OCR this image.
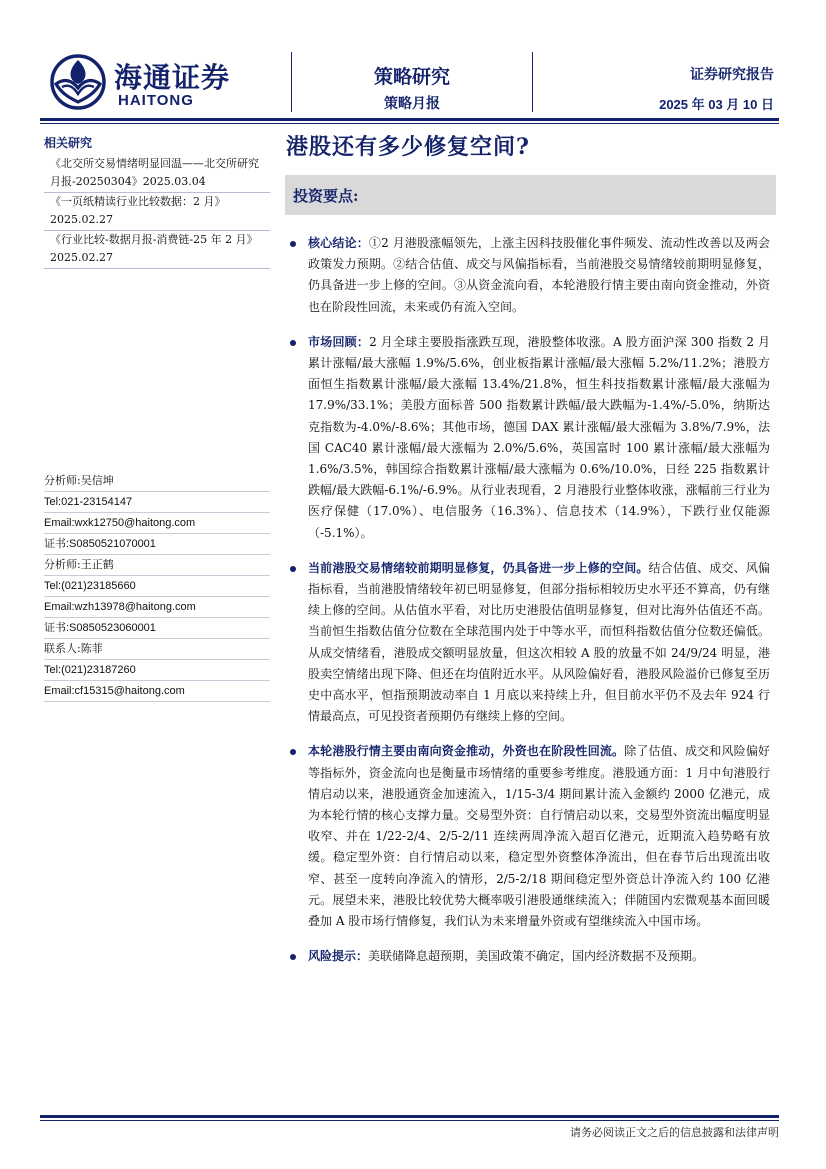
海通证券
HAITONG
策略研究
策略月报
证券研究报告
2025 年 03 月 10 日
相关研究
《北交所交易情绪明显回温——北交所研究月报-20250304》2025.03.04
《一页纸精读行业比较数据：2 月》2025.02.27
《行业比较-数据月报-消费链-25 年 2 月》2025.02.27
分析师:吴信坤
Tel:021-23154147
Email:wxk12750@haitong.com
证书:S0850521070001
分析师:王正鹤
Tel:(021)23185660
Email:wzh13978@haitong.com
证书:S0850523060001
联系人:陈菲
Tel:(021)23187260
Email:cf15315@haitong.com
港股还有多少修复空间?
投资要点:
核心结论：①2 月港股涨幅领先，上涨主因科技股催化事件频发、流动性改善以及两会政策发力预期。②结合估值、成交与风偏指标看，当前港股交易情绪较前期明显修复，仍具备进一步上修的空间。③从资金流向看，本轮港股行情主要由南向资金推动，外资也在阶段性回流，未来或仍有流入空间。
市场回顾：2 月全球主要股指涨跌互现，港股整体收涨。A 股方面沪深 300 指数 2 月累计涨幅/最大涨幅 1.9%/5.6%，创业板指累计涨幅/最大涨幅 5.2%/11.2%；港股方面恒生指数累计涨幅/最大涨幅 13.4%/21.8%，恒生科技指数累计涨幅/最大涨幅为 17.9%/33.1%；美股方面标普 500 指数累计跌幅/最大跌幅为-1.4%/-5.0%，纳斯达克指数为-4.0%/-8.6%；其他市场，德国 DAX 累计涨幅/最大涨幅为 3.8%/7.9%，法国 CAC40 累计涨幅/最大涨幅为 2.0%/5.6%，英国富时 100 累计涨幅/最大涨幅为 1.6%/3.5%，韩国综合指数累计涨幅/最大涨幅为 0.6%/10.0%，日经 225 指数累计跌幅/最大跌幅-6.1%/-6.9%。从行业表现看，2 月港股行业整体收涨，涨幅前三行业为医疗保健（17.0%）、电信服务（16.3%）、信息技术（14.9%），下跌行业仅能源（-5.1%）。
当前港股交易情绪较前期明显修复，仍具备进一步上修的空间。结合估值、成交、风偏指标看，当前港股情绪较年初已明显修复，但部分指标相较历史水平还不算高，仍有继续上修的空间。从估值水平看，对比历史港股估值明显修复，但对比海外估值还不高。当前恒生指数估值分位数在全球范围内处于中等水平，而恒科指数估值分位数还偏低。从成交情绪看，港股成交额明显放量，但这次相较 A 股的放量不如 24/9/24 明显，港股卖空情绪出现下降、但还在均值附近水平。从风险偏好看，港股风险溢价已修复至历史中高水平，恒指预期波动率自 1 月底以来持续上升，但目前水平仍不及去年 924 行情最高点，可见投资者预期仍有继续上修的空间。
本轮港股行情主要由南向资金推动，外资也在阶段性回流。除了估值、成交和风险偏好等指标外，资金流向也是衡量市场情绪的重要参考维度。港股通方面：1 月中旬港股行情启动以来，港股通资金加速流入，1/15-3/4 期间累计流入金额约 2000 亿港元，成为本轮行情的核心支撑力量。交易型外资：自行情启动以来，交易型外资流出幅度明显收窄、并在 1/22-2/4、2/5-2/11 连续两周净流入超百亿港元，近期流入趋势略有放缓。稳定型外资：自行情启动以来，稳定型外资整体净流出，但在春节后出现流出收窄、甚至一度转向净流入的情形，2/5-2/18 期间稳定型外资总计净流入约 100 亿港元。展望未来，港股比较优势大概率吸引港股通继续流入；伴随国内宏微观基本面回暖叠加 A 股市场行情修复，我们认为未来增量外资或有望继续流入中国市场。
风险提示：美联储降息超预期，美国政策不确定，国内经济数据不及预期。
请务必阅读正文之后的信息披露和法律声明
